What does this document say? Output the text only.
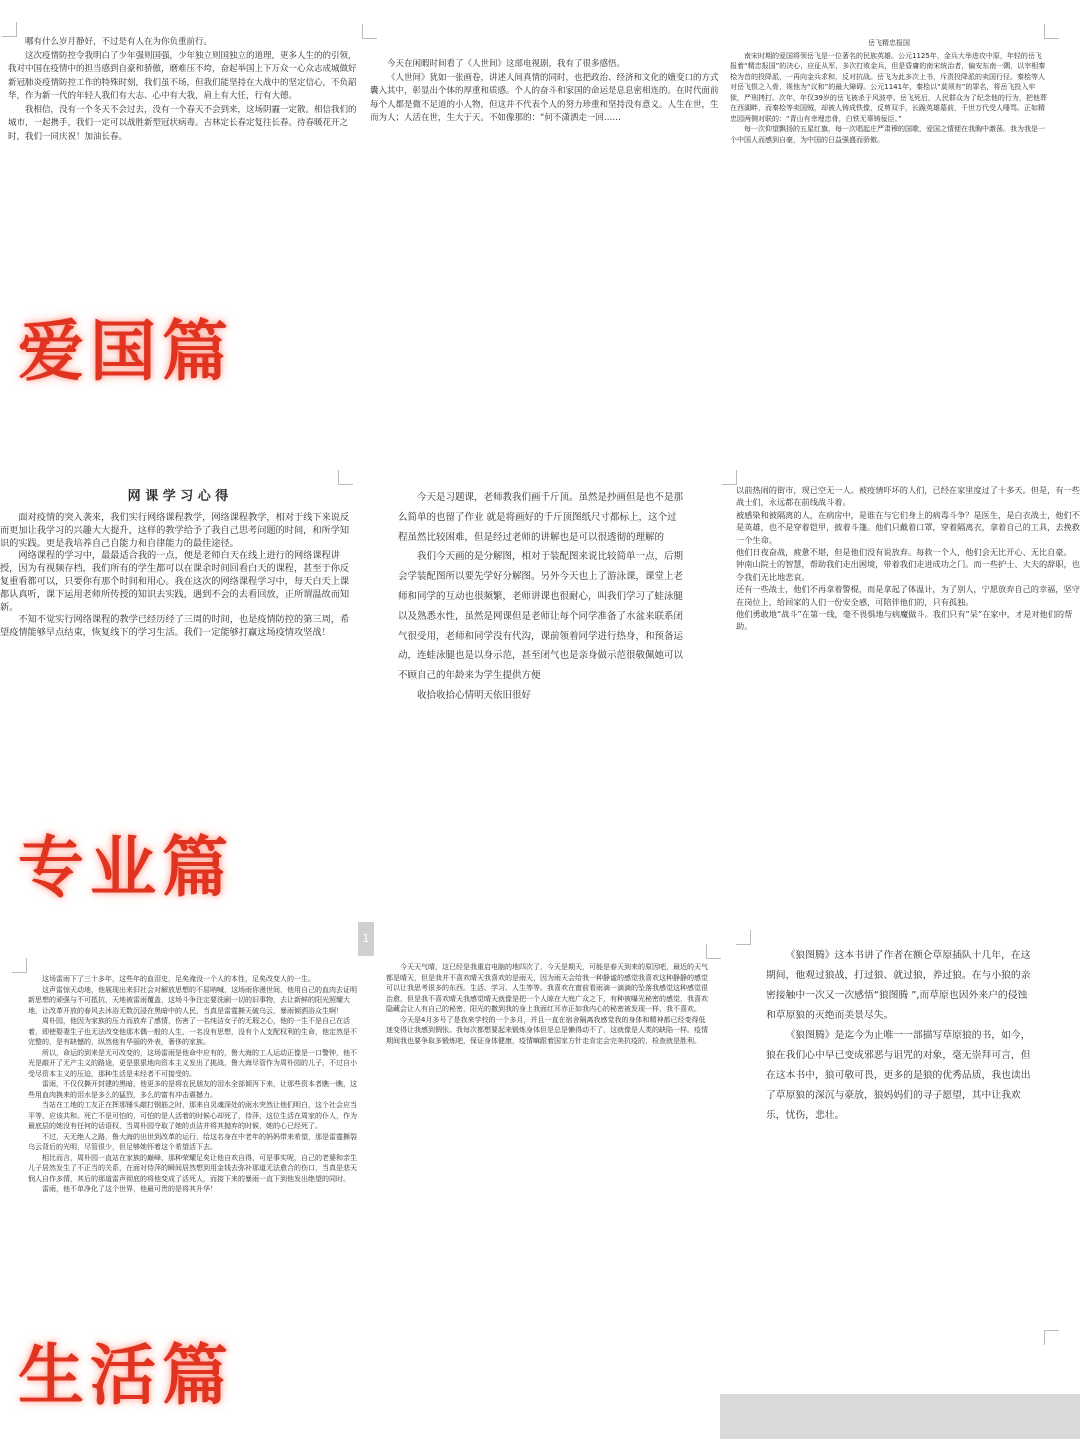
哪有什么岁月静好，不过是有人在为你负重前行。

这次疫情防控令我明白了少年强则国强，少年独立则国独立的道理，更多人生的的引领，我对中国在疫情中的担当感到自豪和骄傲，磨难压不垮，奋起举国上下万众一心众志成城做好新冠肺炎疫情防控工作的特殊时刻，我们虽不场，但我们能坚持在大战中的坚定信心，不负韶华，作为新一代的年轻人我们有大志、心中有大我，肩上有大任，行有大德。

我相信，没有一个冬天不会过去，没有一个春天不会到来，这场阴霾一定散。相信我们的城市，一起携手，我们一定可以战胜新型冠状病毒。吉林定长春定复往长春。待春暖花开之时，我们一同庆祝！加油长春。

今天在闲暇时间看了《人世间》这部电视剧，我有了很多感悟。

《人世间》犹如一张画卷，讲述人间真情的同时，也把政治、经济和文化的嬗变口的方式囊入其中，彰显出个体的厚重和质感。个人的奋斗和家国的命运是息息密相连的。在时代面前每个人都是微不足道的小人物，但这并不代表个人的努力珍重和坚持没有意义。人生在世，生而为人；人活在世，生大于天。不如像那的：“何不潇洒走一回……

岳飞精忠报国

南宋时期的爱国将领岳飞是一位著名的民族英雄。公元1125年，金兵大举进攻中原，年轻的岳飞报着“精忠报国”的决心，应征从军，多次打败金兵，但是昏庸的南宋统治者，偏安东南一隅，以宰相秦桧为首的投降派，一再向金兵求和，反对抗战。岳飞为此多次上书，斥责投降派的卖国行径。秦桧等人对岳飞恨之入骨，视他为“议和”的最大障碍。公元1141年，秦桧以“莫须有”的罪名，将岳飞投入牢狱，严刑拷打。次年，年仅39岁的岳飞被杀于风波亭。岳飞死后，人民群众为了纪念他的行为，把他葬在西湖畔，而秦桧等卖国贼，却被人铸成铁像，反剪双手，长跪英雄墓前，千世万代受人唾骂。正如精忠园两侧对联的：“青山有幸埋忠骨，白铁无辜铸佞臣。”

每一次仰望飘扬的五星红旗，每一次唱起庄严肃穆的国歌，爱国之情便在我胸中激荡。我为我是一个中国人而感到自豪，为中国的日益强盛而骄傲。

爱国篇
网 课 学 习 心 得

面对疫情的突入袭来，我们实行网络课程教学，网络课程教学，相对于线下来说反而更加让我学习的兴趣大大提升，这样的教学给予了我自己思考问题的时间，和所学知识的实践。更是我培养自己自能力和自律能力的最佳途径。

网络课程的学习中，最最适合我的一点，便是老师白天在线上进行的网络课程讲授，因为有视频存档，我们所有的学生都可以在课余时间回看白天的课程，甚至于你反复重看都可以，只要你有那个时间和用心。我在这次的网络课程学习中，每天白天上课都认真听，课下运用老师所传授的知识去实践，遇到不会的去看回放，正所谓温故而知新。

不知不觉实行网络课程的教学已经历经了三周的时间，也是疫情防控的第三周，希望疫情能够早点结束，恢复线下的学习生活。我们一定能够打赢这场疫情攻坚战！

今天是习题课，老师教我们画千斤顶。虽然是抄画但是也不是那么简单的也留了作业 就是将画好的千斤顶图纸尺寸都标上，这个过程虽然比较困难，但是经过老师的讲解也是可以很透彻的理解的

我们今天画的是分解图，相对于装配图来说比较简单一点，后期会学装配图所以要先学好分解图。另外今天也上了游泳课，课堂上老师和同学的互动也很频繁，老师讲课也很耐心，叫我们学习了蛙泳腿以及熟悉水性，虽然是网课但是老师让每个同学准备了水盆来联系闭气很受用，老师和同学没有代沟，课前领着同学进行热身，和预备运动，连蛙泳腿也是以身示范，甚至闭气也是亲身做示范很敬佩她可以不顾自己的年龄来为学生提供方便

收拾收拾心情明天依旧很好

以前热闹的街市，现已空无一人。被疫情吓坏的人们，已经在家里度过了十多天。但是，有一些战士们，永远都在前线战斗着。

被感染和被隔离的人，在病房中，是谁在与它们身上的病毒斗争？是医生，是白衣战士，他们不是英雄，也不是穿着铠甲，披着斗篷。他们只戴着口罩，穿着隔离衣，拿着自己的工具，去挽救一个生命。

他们日夜奋战，疲惫不堪，但是他们没有说放弃。每救一个人，他们会无比开心、无比自豪。

钟南山院士的智慧，帮助我们走出困境，带着我们走进成功之门。而一些护士、大夫的辞职，也令我们无比地悲哀。

还有一些战士，他们不再拿着警棍，而是拿起了体温计，为了别人，宁愿放弃自己的幸福，坚守在岗位上，给回家的人们一份安全感，可陪伴他们的，只有孤独。

他们勇敢地“战斗”在第一线，毫不畏惧地与病魔做斗。我们只有“呆”在家中，才是对他们的帮助。

专业篇
1

这场雷雨下了三十多年，这些年的血泪史，足矣淹没一个人的本性，足矣改变人的一生。

这声雷惊天动地，他展现出来旧社会对解放思想的不屈呐喊，这场雨你漫世间，他用自己的血肉去证明新思想的顽强与不可抵抗，天地被雷雨覆盖，这场斗争注定要洗刷一切的旧事物，去让新鲜的阳光照耀大地，让改革开放的春风去沐浴无数沉浸在黑暗中的人民，当真是雷霆撕天破乌云，暴雨倾洒浴众生啊！

周朴园，他因为家族的压力而放弃了感情，伤害了一名纯洁女子的无瑕之心，他的一生不是自己在活着，即使娶妻生子也无法改变他那木偶一般的人生，一名没有思想，没有个人支配权利的生命，他定然是不完整的，是有缺憾的，纵然他有华丽的外表，奢侈的家族。

所以，命运的到来是无可改变的，这场雷雨是他命中应有的，鲁大海的工人运动正像是一口警钟，他不光是敲开了无产主义的路途，更是狠狠地向资本主义发出了挑战，鲁大海尽管作为周朴园的儿子，不过自小受尽资本主义的压迫，那种生活是未经者不可接受的。

雷雨，不仅仅撕开封建的黑暗，他更多的是将农民朋友的泪水全部倾泻下来，让那些资本者瞧一瞧，这些用血肉换来的泪水是多么的猛烈，多么的富有冲击震撼力。

当站在工地的工友正在挥那锤头敲打钢筋之时，那来自灵魂深处的雨水突然让他们明白，这个社会应当平等，应该共和。死亡不是可怕的，可怕的是人活着的时候心却死了，侍萍，这位生活在周家的仆人，作为最底层的她没有任何的话语权，当周朴园夺取了她的贞洁并将其抛弃的时候，她的心已经死了。

不过，天无绝人之路，鲁大海的出世到改革的运行，给这名身在中老年的妈妈带来希望，那是雷霆撕裂乌云背后的光明，尽管很少，但足够她怀着这个希望活下去。

相比而言，周朴园一直站在家族的巅峰，那种荣耀足矣让他自欢自得，可是事实呢，自己的老婆和亲生儿子居然发生了不正当的关系，在面对侍萍的瞬间居然想到用金钱去弥补那道无法愈合的伤口，当真是悲天悯人自作多情，其后的那道雷声彻底的将他变成了活死人，而接下来的暴雨一直下到他发出绝望的同时。

雷雨，他不单净化了这个世界，他最可贵的是将其升华！

今天天气晴，这已经是我重启电脑的地四次了，今天是期天，可能是春天到来的原因吧，最近的天气都是晴天，但是我并不喜欢晴天我喜欢的是雨天，因为雨天会给我一种静谧的感觉我喜欢这种静静的感觉可以让我思考很多的东西。生活、学习、人生等等。我喜欢在窗前看雨滴一滴滴的坠落我感觉这种感觉很治愈，但是我不喜欢晴天我感觉晴天就像是把一个人晾在大庭广众之下，有种被曝光秘密的感觉，我喜欢隐藏会让人有自己的秘密，阳光的撒到我的身上我面红耳赤正如我内心的秘密被发现一样，我不喜欢。

今天是4月多号了是我来学校的一个多月，并且一直在宿舍隔离我感觉我的身体和精神都已经变得低迷变得让我感到惆怅。我每次都想要起来锻炼身体但是总是懒得动不了，这就像是人类的缺陷一样。疫情期间我也要争取多锻炼吧，保证身体健康，疫情嘛跟着国家方针走肯定会完美抗疫的，检查就是胜利。

《狼图腾》这本书讲了作者在额仑草原插队十几年，在这期间，他观过狼战，打过狼、就过狼，养过狼。在与小狼的亲密接触中一次又一次感悟“狼图腾 ”,而草原也因外来户的侵蚀和草原狼的灭绝而美景尽失。

《狼图腾》是迄今为止唯一一部描写草原狼的书，如今，狼在我们心中早已变成邪恶与诅咒的对象，毫无崇拜可言，但在这本书中，狼可敬可畏，更多的是狼的优秀品质，我也读出了草原狼的深沉与豪放，狼妈妈们的寻子愿望，其中让我欢乐，忧伤，悲壮。

生活篇
